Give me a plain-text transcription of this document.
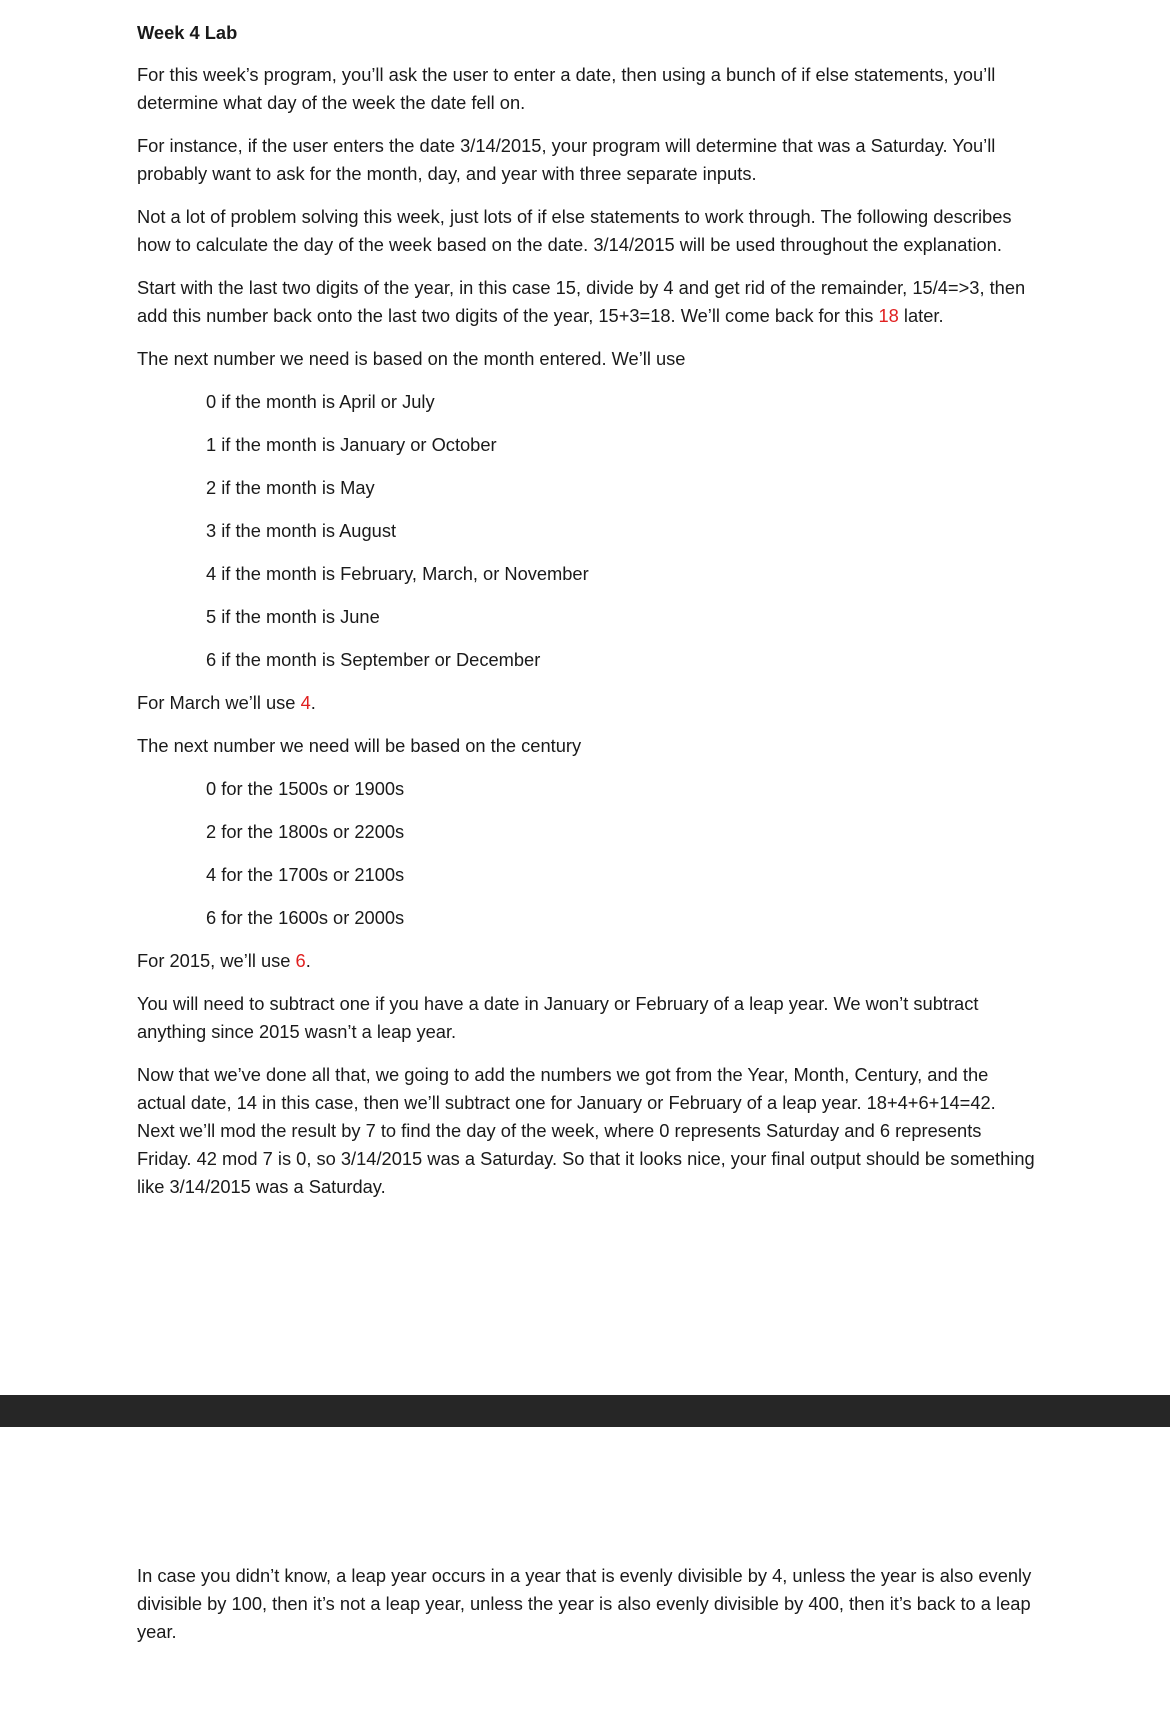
Week 4 Lab

For this week’s program, you’ll ask the user to enter a date, then using a bunch of if else statements, you’ll determine what day of the week the date fell on.

For instance, if the user enters the date 3/14/2015, your program will determine that was a Saturday. You’ll probably want to ask for the month, day, and year with three separate inputs.

Not a lot of problem solving this week, just lots of if else statements to work through. The following describes how to calculate the day of the week based on the date. 3/14/2015 will be used throughout the explanation.

Start with the last two digits of the year, in this case 15, divide by 4 and get rid of the remainder, 15/4=>3, then add this number back onto the last two digits of the year, 15+3=18. We’ll come back for this 18 later.

The next number we need is based on the month entered. We’ll use

0 if the month is April or July
1 if the month is January or October
2 if the month is May
3 if the month is August
4 if the month is February, March, or November
5 if the month is June
6 if the month is September or December

For March we’ll use 4.

The next number we need will be based on the century

0 for the 1500s or 1900s
2 for the 1800s or 2200s
4 for the 1700s or 2100s
6 for the 1600s or 2000s

For 2015, we’ll use 6.

You will need to subtract one if you have a date in January or February of a leap year. We won’t subtract anything since 2015 wasn’t a leap year.

Now that we’ve done all that, we going to add the numbers we got from the Year, Month, Century, and the actual date, 14 in this case, then we’ll subtract one for January or February of a leap year. 18+4+6+14=42. Next we’ll mod the result by 7 to find the day of the week, where 0 represents Saturday and 6 represents Friday. 42 mod 7 is 0, so 3/14/2015 was a Saturday. So that it looks nice, your final output should be something like 3/14/2015 was a Saturday.

In case you didn’t know, a leap year occurs in a year that is evenly divisible by 4, unless the year is also evenly divisible by 100, then it’s not a leap year, unless the year is also evenly divisible by 400, then it’s back to a leap year.
